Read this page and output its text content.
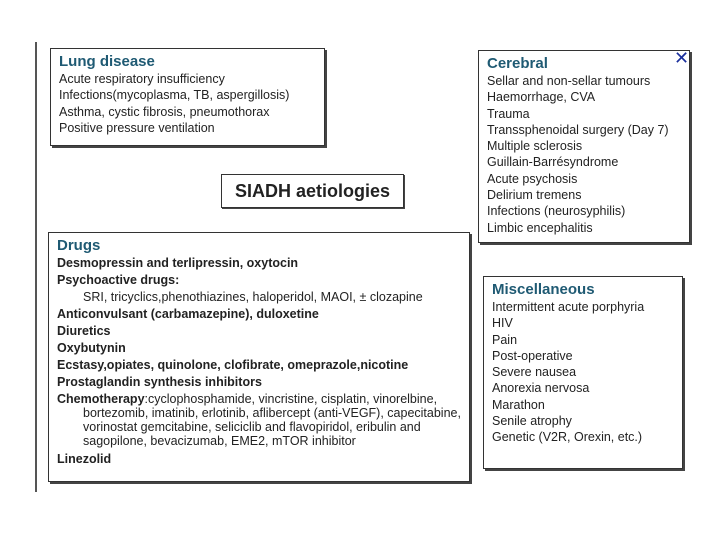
Lung disease
Acute respiratory insufficiency
Infections(mycoplasma, TB, aspergillosis)
Asthma, cystic fibrosis, pneumothorax
Positive pressure ventilation
Cerebral
Sellar and non-sellar tumours
Haemorrhage, CVA
Trauma
Transsphenoidal surgery (Day 7)
Multiple sclerosis
Guillain-Barrésyndrome
Acute psychosis
Delirium tremens
Infections (neurosyphilis)
Limbic encephalitis
✕
SIADH aetiologies
Drugs
Desmopressin and terlipressin, oxytocin
Psychoactive drugs:
SRI, tricyclics,phenothiazines, haloperidol, MAOI, ± clozapine
Anticonvulsant (carbamazepine), duloxetine
Diuretics
Oxybutynin
Ecstasy,opiates, quinolone, clofibrate, omeprazole,nicotine
Prostaglandin synthesis inhibitors
Chemotherapy:cyclophosphamide, vincristine, cisplatin, vinorelbine, bortezomib, imatinib, erlotinib, aflibercept (anti-VEGF), capecitabine, vorinostat gemcitabine, seliciclib and flavopiridol, eribulin and sagopilone, bevacizumab, EME2, mTOR inhibitor
Linezolid
Miscellaneous
Intermittent acute porphyria
HIV
Pain
Post-operative
Severe nausea
Anorexia nervosa
Marathon
Senile atrophy
Genetic (V2R, Orexin, etc.)
